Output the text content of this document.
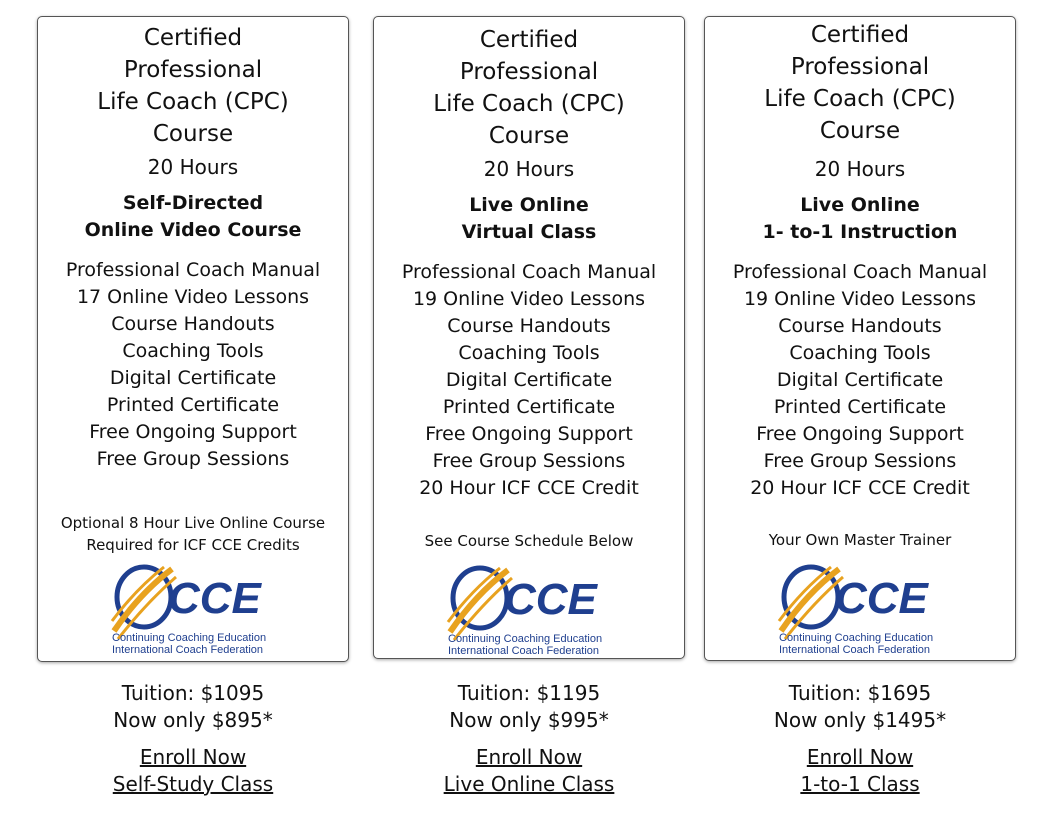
Certified
Professional
Life Coach (CPC)
Course
20 Hours
Self-Directed
Online Video Course
Professional Coach Manual
17 Online Video Lessons
Course Handouts
Coaching Tools
Digital Certificate
Printed Certificate
Free Ongoing Support
Free Group Sessions
Optional 8 Hour Live Online Course
Required for ICF CCE Credits
CCE
Continuing Coaching Education
International Coach Federation
Tuition: $1095
Now only $895*
Enroll Now
Self-Study Class
Certified
Professional
Life Coach (CPC)
Course
20 Hours
Live Online
Virtual Class
Professional Coach Manual
19 Online Video Lessons
Course Handouts
Coaching Tools
Digital Certificate
Printed Certificate
Free Ongoing Support
Free Group Sessions
20 Hour ICF CCE Credit
See Course Schedule Below
CCE
Continuing Coaching Education
International Coach Federation
Tuition: $1195
Now only $995*
Enroll Now
Live Online Class
Certified
Professional
Life Coach (CPC)
Course
20 Hours
Live Online
1- to-1 Instruction
Professional Coach Manual
19 Online Video Lessons
Course Handouts
Coaching Tools
Digital Certificate
Printed Certificate
Free Ongoing Support
Free Group Sessions
20 Hour ICF CCE Credit
Your Own Master Trainer
CCE
Continuing Coaching Education
International Coach Federation
Tuition: $1695
Now only $1495*
Enroll Now
1-to-1 Class
